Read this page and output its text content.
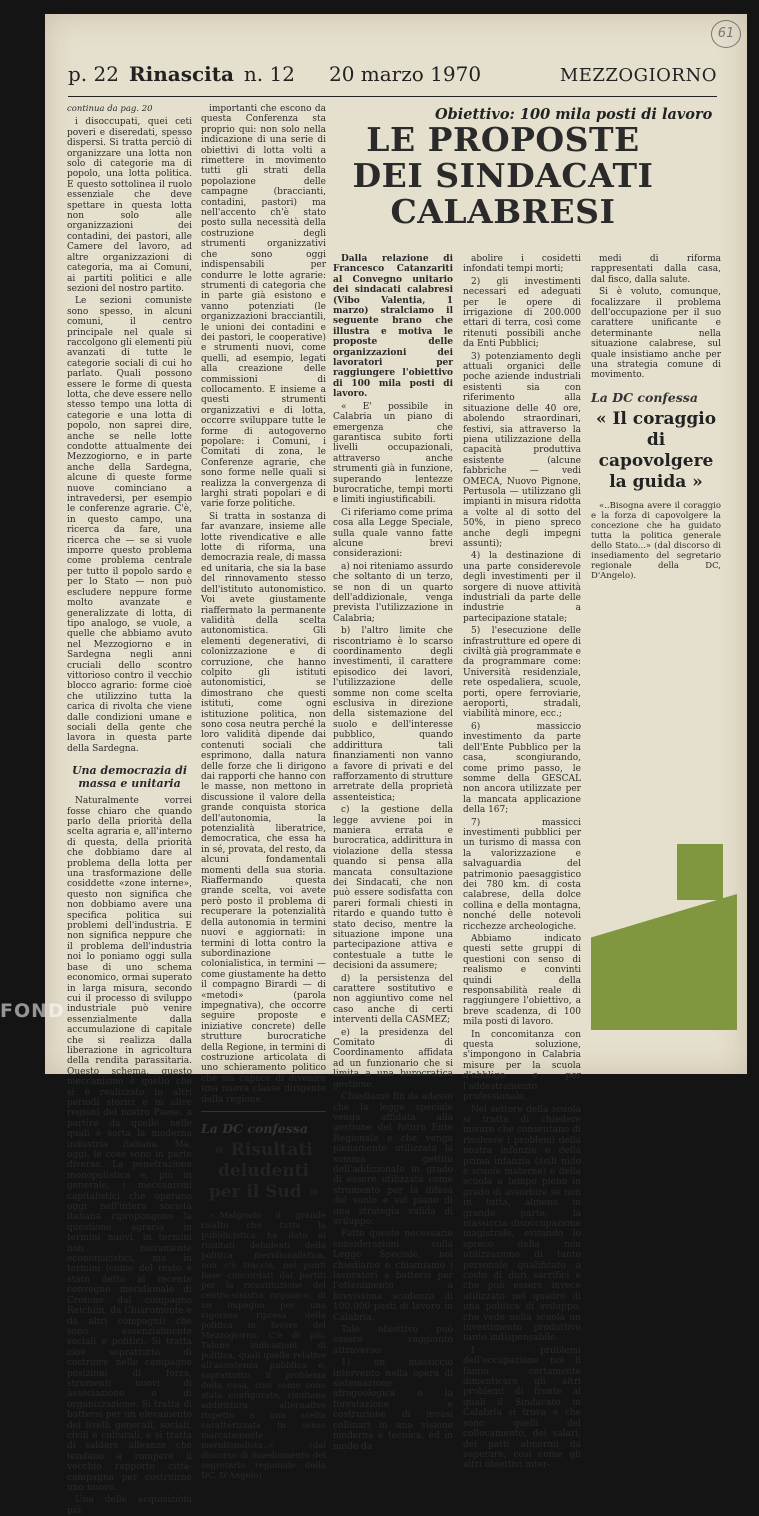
61
p. 22 Rinascita n. 12 20 marzo 1970	MEZZOGIORNO
continua da pag. 20

i disoccupati, quei ceti poveri e diseredati, spesso dispersi. Si tratta perciò di organizzare una lotta non solo di categorie ma di popolo, una lotta politica. E questo sottolinea il ruolo essenziale che deve spettare in questa lotta non solo alle organizzazioni dei contadini, dei pastori, alle Camere del lavoro, ad altre organizzazioni di categoria, ma ai Comuni, ai partiti politici e alle sezioni del nostro partito.

Le sezioni comuniste sono spesso, in alcuni comuni, il centro principale nel quale si raccolgono gli elementi più avanzati di tutte le categorie sociali di cui ho parlato. Quali possono essere le forme di questa lotta, che deve essere nello stesso tempo una lotta di categorie e una lotta di popolo, non saprei dire, anche se nelle lotte condotte attualmente dei Mezzogiorno, e in parte anche della Sardegna, alcune di queste forme nuove cominciano a intravedersi, per esempio le conferenze agrarie. C'è, in questo campo, una ricerca da fare, una ricerca che — se si vuole imporre questo problema come problema centrale per tutto il popolo sardo e per lo Stato — non può escludere neppure forme molto avanzate e generalizzate di lotta, di tipo analogo, se vuole, a quelle che abbiamo avuto nel Mezzogiorno e in Sardegna negli anni cruciali dello scontro vittorioso contro il vecchio blocco agrario: forme cioè che utilizzino tutta la carica di rivolta che viene dalle condizioni umane e sociali della gente che lavora in questa parte della Sardegna.

Una democrazia di massa e unitaria

Naturalmente vorrei fosse chiaro che quando parlo della priorità della scelta agraria e, all'interno di questa, della priorità che dobbiamo dare al problema della lotta per una trasformazione delle cosiddette «zone interne», questo non significa che non dobbiamo avere una specifica politica sui problemi dell'industria. E non significa neppure che il problema dell'industria noi lo poniamo oggi sulla base di uno schema economico, ormai superato in larga misura, secondo cui il processo di sviluppo industriale può venire essenzialmente dalla accumulazione di capitale che si realizza dalla liberazione in agricoltura della rendita parassitaria. Questo schema, questo meccanismo è quello che si è realizzato in altri periodi storici e in altre regioni del nostro Paese, a partire da quelle nelle quali è sorta la moderna industria italiana. Ma, oggi, le cose sono in parte diverse. La penetrazione monopolistica e, più in generale, i meccanismi capitalistici che operano oggi nell'intera società italiana ripropongono la questione agraria in termini nuovi, in termini non meramente economicistici, ma in termini (come del resto è stato detto al recente convegno meridionale di Crotone dal compagno Reichlin, da Chiaromonte e da altri compagni) che sono essenzialmente sociali e politici. Si tratta cioè soprattutto di costruire nelle campagne posizioni di forza, strumenti nuovi di associazione e di organizzazione. Si tratta di battersi per un elevamento dei livelli generali, sociali, civili e culturali, e si tratta di saldare alleanze che tendano a rompere il vecchio rapporto città-campagna per costruirne uno nuovo.

Una delle acquisizioni più

importanti che escono da questa Conferenza sta proprio qui: non solo nella indicazione di una serie di obiettivi di lotta volti a rimettere in movimento tutti gli strati della popolazione delle campagne (braccianti, contadini, pastori) ma nell'accento ch'è stato posto sulla necessità della costruzione degli strumenti organizzativi che sono oggi indispensabili per condurre le lotte agrarie: strumenti di categoria che in parte già esistono e vanno potenziati (le organizzazioni bracciantili, le unioni dei contadini e dei pastori, le cooperative) e strumenti nuovi, come quelli, ad esempio, legati alla creazione delle commissioni di collocamento. E insieme a questi strumenti organizzativi e di lotta, occorre sviluppare tutte le forme di autogoverno popolare: i Comuni, i Comitati di zona, le Conferenze agrarie, che sono forme nelle quali si realizza la convergenza di larghi strati popolari e di varie forze politiche.

Si tratta in sostanza di far avanzare, insieme alle lotte rivendicative e alle lotte di riforma, una democrazia reale, di massa ed unitaria, che sia la base del rinnovamento stesso dell'istituto autonomistico. Voi avete giustamente riaffermato la permanente validità della scelta autonomistica. Gli elementi degenerativi, di colonizzazione e di corruzione, che hanno colpito gli istituti autonomistici, se dimostrano che questi istituti, come ogni istituzione politica, non sono cosa neutra perché la loro validità dipende dai contenuti sociali che esprimono, dalla natura delle forze che li dirigono dai rapporti che hanno con le masse, non mettono in discussione il valore della grande conquista storica dell'autonomia, la potenzialità liberatrice, democratica, che essa ha in sé, provata, del resto, da alcuni fondamentali momenti della sua storia. Riaffermando questa grande scelta, voi avete però posto il problema di recuperare la potenzialità della autonomia in termini nuovi e aggiornati: in termini di lotta contro la subordinazione colonialistica, in termini — come giustamente ha detto il compagno Birardi — di «metodi» (parola impegnativa), che occorre seguire proposte e iniziative concrete) delle strutture burocratiche della Regione, in termini di costruzione articolata di uno schieramento politico che sia capace di divenire una nuova classe dirigente della regione.

La DC confessa
« Risultati deludenti per il Sud »

«..Malgrado il grande risalto che tutta la pubblicistica ha dato ai risultati deludenti della politica meridionalistica, non c'è traccia, nel punti base concordati dai partiti per la ricostituzione del centro-sinistra organico, di un impegno per una vigorosa ripresa della politica in favore del Mezzogiorno. C'è di più. Talune indicazioni di politica, quali quelle relative all'assistenza pubblica e, soprattutto, il problema della casa, così come sono stata configurate, risultano addirittura alternative rispetto a una scelta caratterizzata in senso marcatamente meridionalista..» (dal discorso di insediamento del segretario regionale della DC, D'Angelo).

Obiettivo: 100 mila posti di lavoro
LE PROPOSTE
DEI SINDACATI
CALABRESI

Dalla relazione di Francesco Catanzariti al Convegno unitario dei sindacati calabresi (Vibo Valentia, 1 marzo) stralciamo il seguente brano che illustra e motiva le proposte delle organizzazioni dei lavoratori per raggiungere l'obiettivo di 100 mila posti di lavoro.

« E' possibile in Calabria un piano di emergenza che garantisca subito forti livelli occupazionali, attraverso anche strumenti già in funzione, superando lentezze burocratiche, tempi morti e limiti ingiustificabili.

Ci riferiamo come prima cosa alla Legge Speciale, sulla quale vanno fatte alcune brevi considerazioni:

a) noi riteniamo assurdo che soltanto di un terzo, se non di un quarto dell'addizionale, venga prevista l'utilizzazione in Calabria;

b) l'altro limite che riscontriamo è lo scarso coordinamento degli investimenti, il carattere episodico dei lavori, l'utilizzazione delle somme non come scelta esclusiva in direzione della sistemazione del suolo e dell'interesse pubblico, quando addirittura tali finanziamenti non vanno a favore di privati e del rafforzamento di strutture arretrate della proprietà assenteistica;

c) la gestione della legge avviene poi in maniera errata e burocratica, addirittura in violazione della stessa quando si pensa alla mancata consultazione dei Sindacati, che non può essere sodisfatta con pareri formali chiesti in ritardo e quando tutto è stato deciso, mentre la situazione impone una partecipazione attiva e contestuale a tutte le decisioni da assumere;

d) la persistenza del carattere sostitutivo e non aggiuntivo come nel caso anche di certi interventi della CASMEZ;

e) la presidenza del Comitato di Coordinamento affidata ad un funzionario che si limita a una burocratica gestione.

Chiediamo fin da adesso che la legge speciale venga affidata alla gestione del futuro Ente Regionale e che venga pienamente utilizzata la somma gettito dell'addizionale in grado di essere utilizzata come strumento per la difesa del suolo e sul piano di una strategia valida di sviluppo.

Fatte queste necessarie considerazioni sulla Legge Speciale, noi chiediamo e chiamiamo i lavoratori a battersi per l'ottenimento a brevissima scadenza di 100.000 posti di lavoro in Calabria.

Tale obiettivo può essere raggiunto attraverso:

1) un massiccio intervento nella opera di sistemazione idrogeologica e la forestazione e costruzione di invasi collinari in una visione moderna e tecnica, ed in modo da

abolire i cosidetti infondati tempi morti;

2) gli investimenti necessari ed adeguati per le opere di irrigazione di 200.000 ettari di terra, così come ritenuti possibili anche da Enti Pubblici;

3) potenziamento degli attuali organici delle poche aziende industriali esistenti sia con riferimento alla situazione delle 40 ore, abolendo straordinari, festivi, sia attraverso la piena utilizzazione della capacità produttiva esistente (alcune fabbriche — vedi OMECA, Nuovo Pignone, Pertusola — utilizzano gli impianti in misura ridotta a volte al di sotto del 50%, in pieno spreco anche degli impegni assunti);

4) la destinazione di una parte considerevole degli investimenti per il sorgere di nuove attività industriali da parte delle industrie a partecipazione statale;

5) l'esecuzione delle infrastrutture ed opere di civiltà già programmate e da programmare come: Università residenziale, rete ospedaliera, scuole, porti, opere ferroviarie, aeroporti, stradali, viabilità minore, ecc.;

6) massiccio investimento da parte dell'Ente Pubblico per la casa, scongiurando, come primo passo, le somme della GESCAL non ancora utilizzate per la mancata applicazione della 167;

7) massicci investimenti pubblici per un turismo di massa con la valorizzazione e salvaguardia del patrimonio paesaggistico dei 780 km. di costa calabrese, della dolce collina e della montagna, nonché delle notevoli ricchezze archeologiche.

Abbiamo indicato questi sette gruppi di questioni con senso di realismo e convinti quindi della responsabilità reale di raggiungere l'obiettivo, a breve scadenza, di 100 mila posti di lavoro.

In concomitanza con questa soluzione, s'impongono in Calabria misure per la scuola d'obbligo e per l'addestramento professionale.

Nel settore della scuola si tratta di chiedere misure che consentano di risolvere i problemi della nostra infanzia e della prima infanzia (asili nido e scuole materne) e della scuola a tempo pieno in grado di assorbire se non in tutta, almeno in grande parte, la massiccia disoccupazione magistrale, evitando lo spreco della non utilizzazione di tanto personale qualificato a costo di duri sacrifici e che può essere invece utilizzato nel quadro di una politica di sviluppo, che vede nella scuola un investimento produttivo tanto indispensabile.

I problemi dell'occupazione noi li fanno certamente dimenticare gli altri problemi di fronte ai quali il Sindacato in Calabria si trova e che sono quelli del collocamento, dei salari, dei patti abnormi da superare, così come gli altri obiettivi inter-

medi di riforma rappresentati dalla casa, dal fisco, dalla salute.

Si è voluto, comunque, focalizzare il problema dell'occupazione per il suo carattere unificante e determinante nella situazione calabrese, sul quale insistiamo anche per una strategia comune di movimento.

La DC confessa
« Il coraggio di capovolgere la guida »

«..Bisogna avere il coraggio e la forza di capovolgere la concezione che ha guidato tutta la politica generale dello Stato...» (dal discorso di insediamento del segretario regionale della DC, D'Angelo).

FOND
